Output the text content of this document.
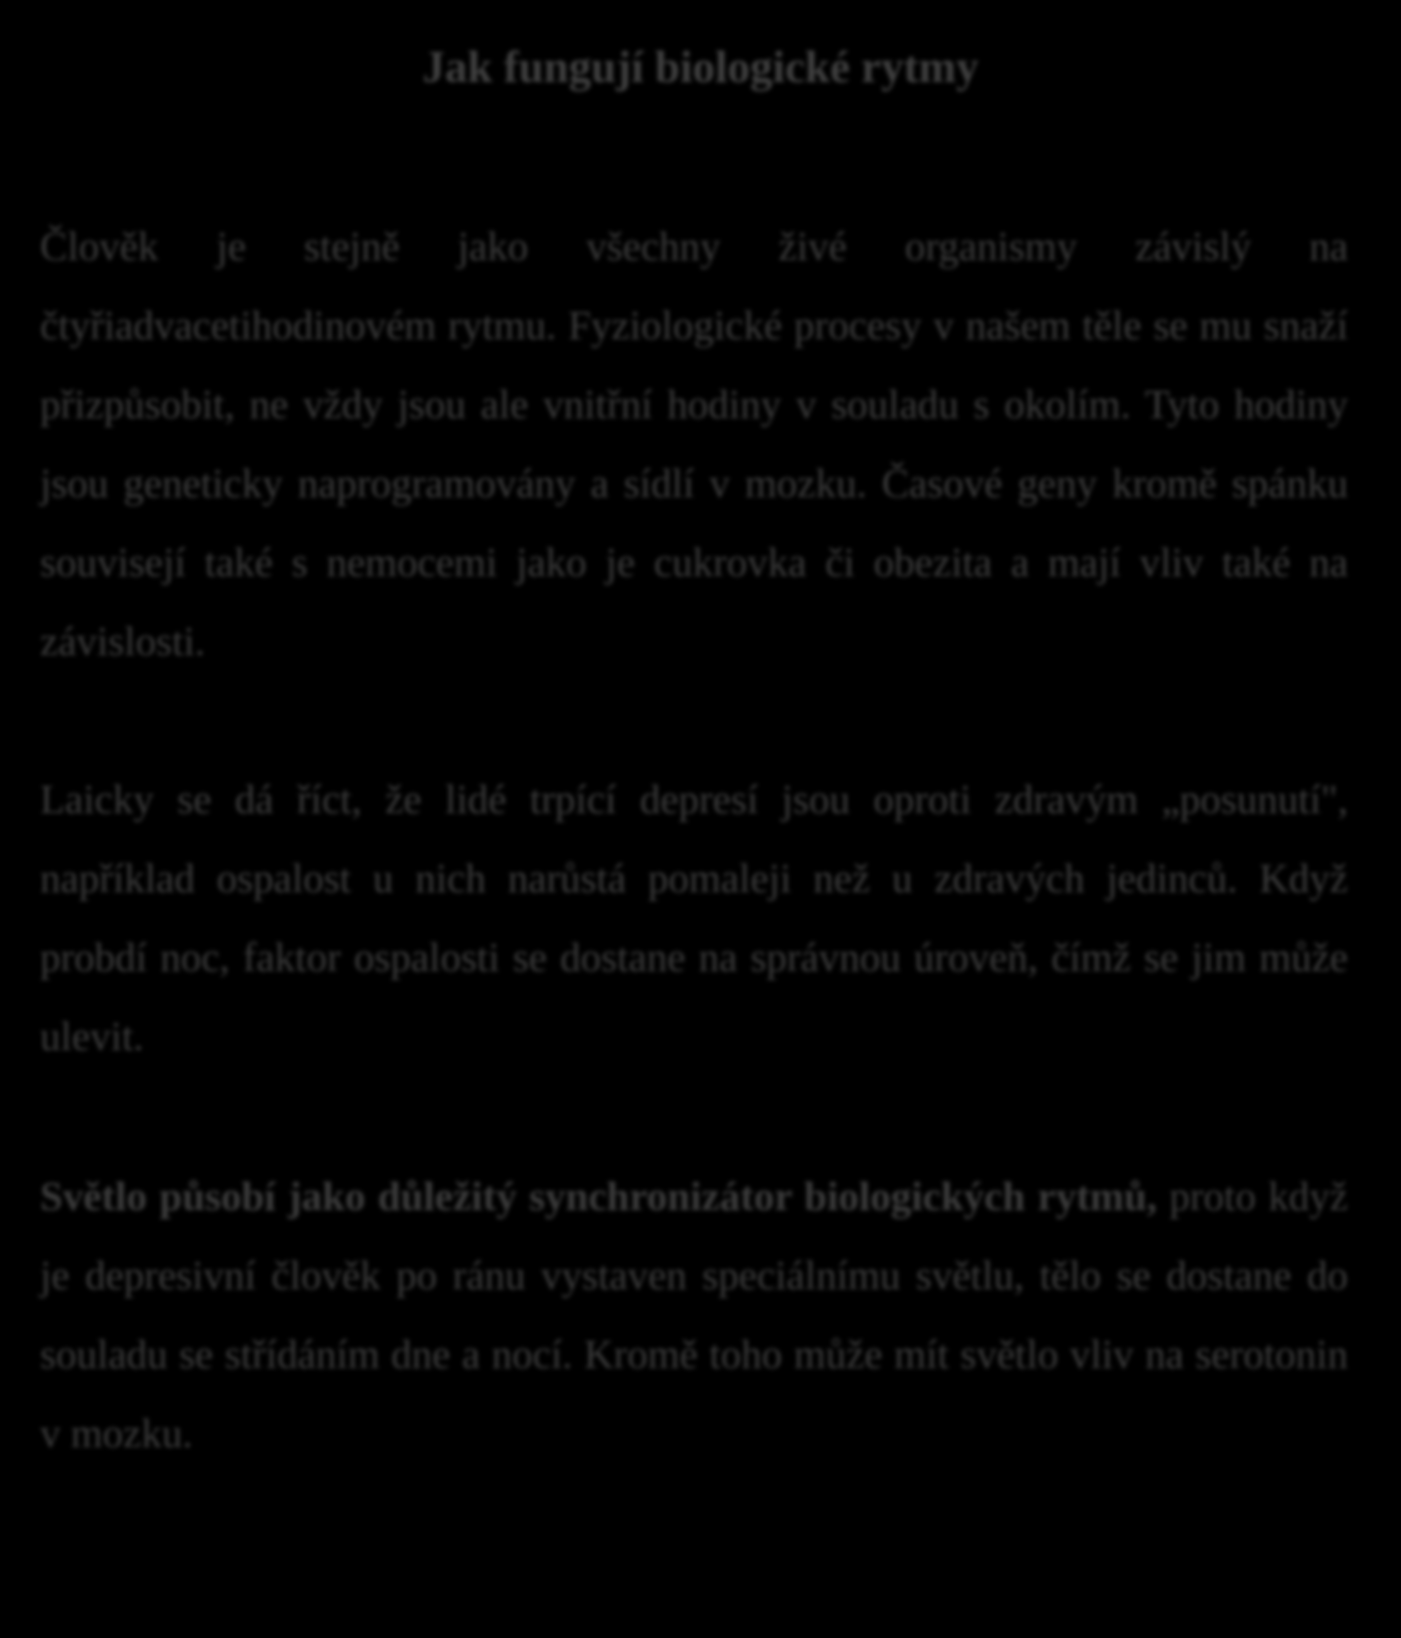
Jak fungují biologické rytmy

Člověk je stejně jako všechny živé organismy závislý na čtyřiadvacetihodinovém rytmu. Fyziologické procesy v našem těle se mu snaží přizpůsobit, ne vždy jsou ale vnitřní hodiny v souladu s okolím. Tyto hodiny jsou geneticky naprogramovány a sídlí v mozku. Časové geny kromě spánku souvisejí také s nemocemi jako je cukrovka či obezita a mají vliv také na závislosti.

Laicky se dá říct, že lidé trpící depresí jsou oproti zdravým „posunutí", například ospalost u nich narůstá pomaleji než u zdravých jedinců. Když probdí noc, faktor ospalosti se dostane na správnou úroveň, čímž se jim může ulevit.

Světlo působí jako důležitý synchronizátor biologických rytmů, proto když je depresivní člověk po ránu vystaven speciálnímu světlu, tělo se dostane do souladu se střídáním dne a nocí. Kromě toho může mít světlo vliv na serotonin v mozku.
